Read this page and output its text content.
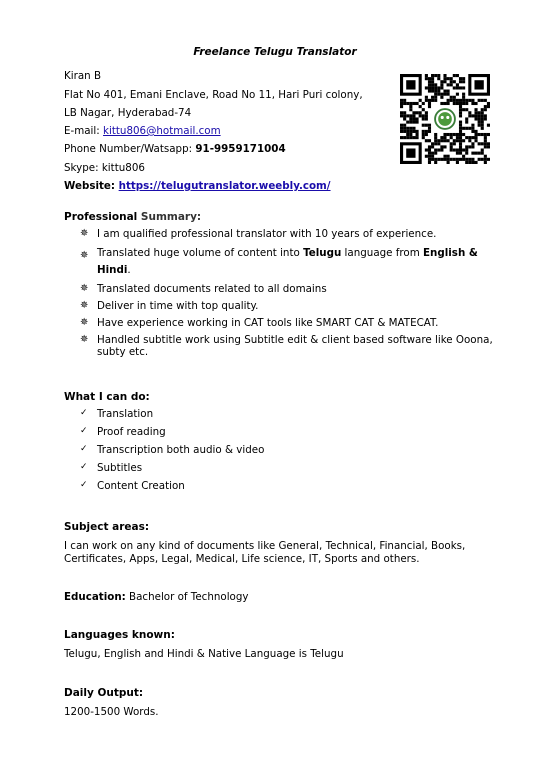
Freelance Telugu Translator
Kiran B
Flat No 401, Emani Enclave, Road No 11, Hari Puri colony,
LB Nagar, Hyderabad-74
E-mail: kittu806@hotmail.com
Phone Number/Watsapp: 91-9959171004
Skype: kittu806
Website: https://telugutranslator.weebly.com/
Professional Summary:
✵ I am qualified professional translator with 10 years of experience.
✵ Translated huge volume of content into Telugu language from English &
Hindi.
✵ Translated documents related to all domains
✵ Deliver in time with top quality.
✵ Have experience working in CAT tools like SMART CAT & MATECAT.
✵ Handled subtitle work using Subtitle edit & client based software like Ooona,
subty etc.
What I can do:
✓ Translation
✓ Proof reading
✓ Transcription both audio & video
✓ Subtitles
✓ Content Creation
Subject areas:
I can work on any kind of documents like General, Technical, Financial, Books,
Certificates, Apps, Legal, Medical, Life science, IT, Sports and others.
Education: Bachelor of Technology
Languages known:
Telugu, English and Hindi & Native Language is Telugu
Daily Output:
1200-1500 Words.
